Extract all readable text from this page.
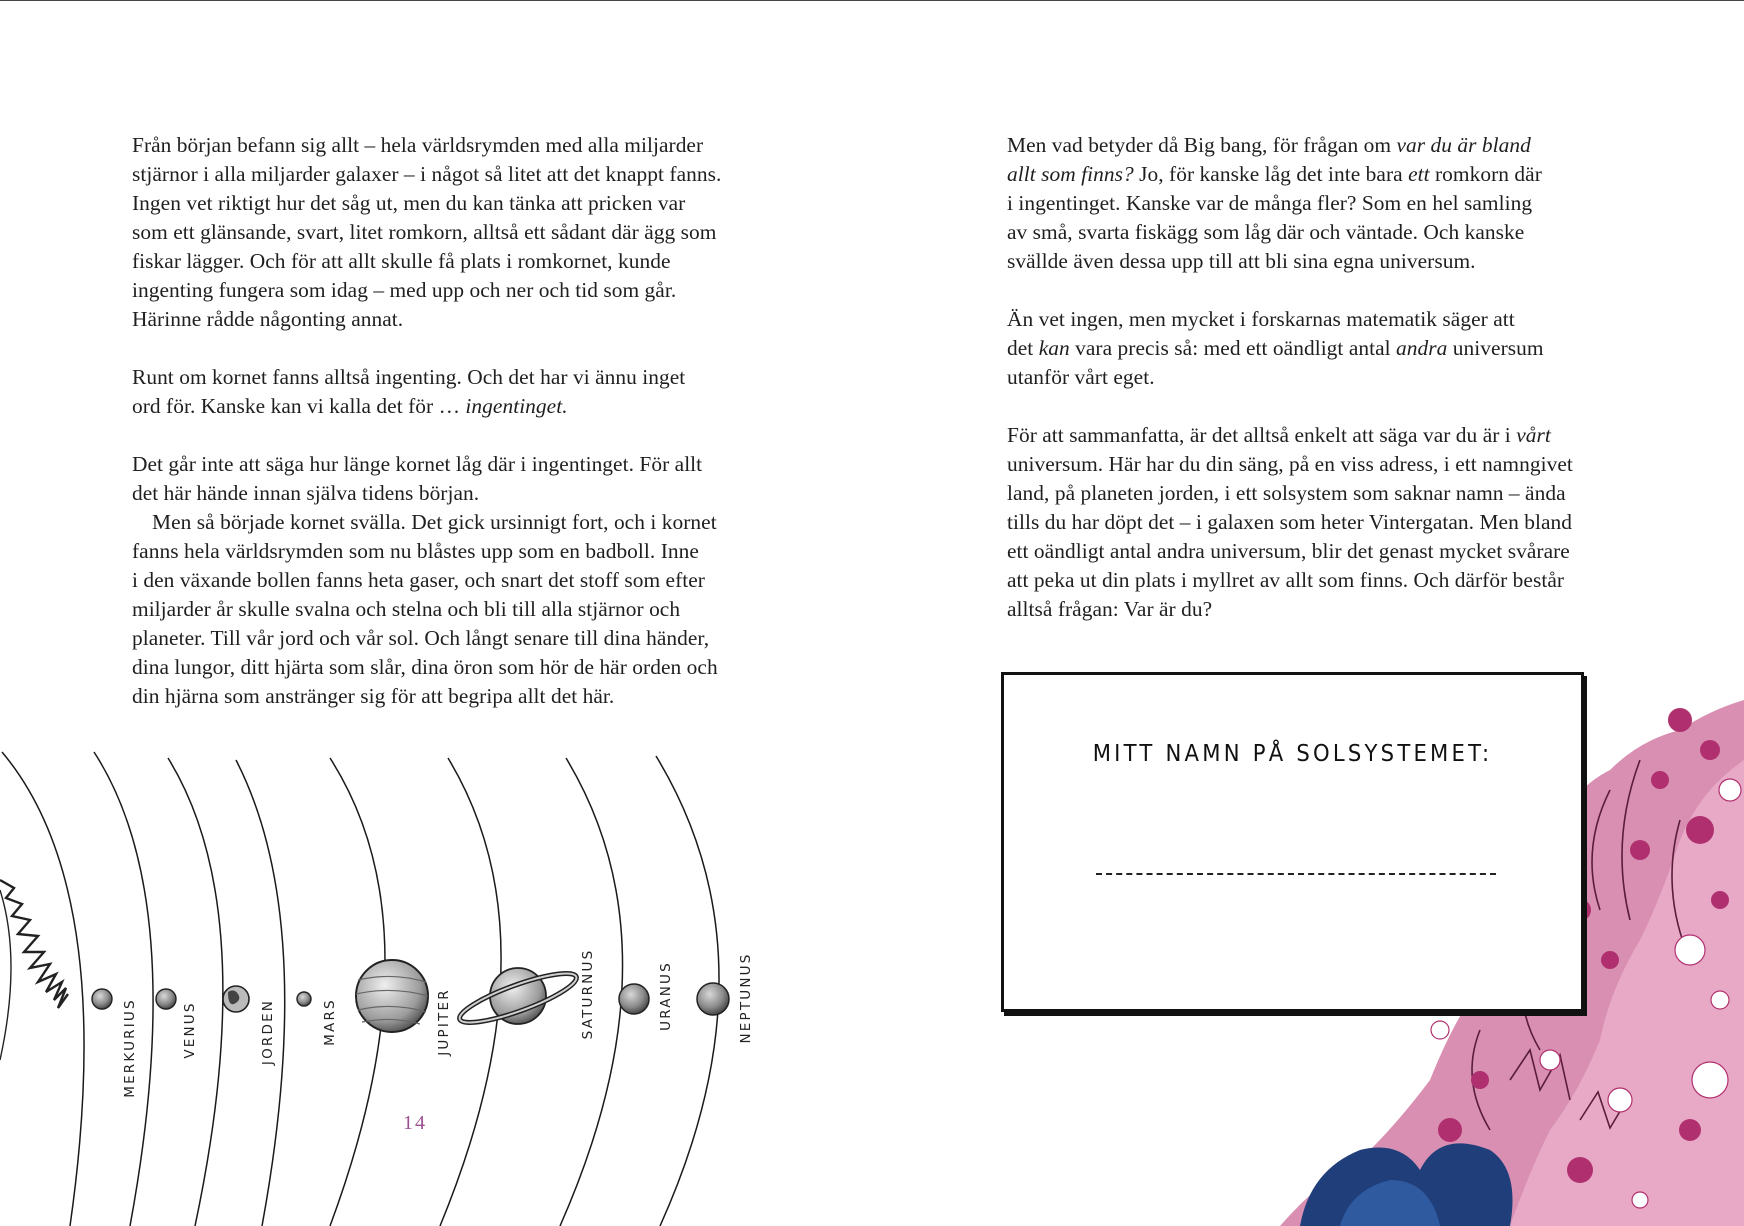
Från början befann sig allt – hela världsrymden med alla miljarder

stjärnor i alla miljarder galaxer – i något så litet att det knappt fanns.

Ingen vet riktigt hur det såg ut, men du kan tänka att pricken var

som ett glänsande, svart, litet romkorn, alltså ett sådant där ägg som

fiskar lägger. Och för att allt skulle få plats i romkornet, kunde

ingenting fungera som idag – med upp och ner och tid som går.

Härinne rådde någonting annat.

Runt om kornet fanns alltså ingenting. Och det har vi ännu inget

ord för. Kanske kan vi kalla det för … ingentinget.

Det går inte att säga hur länge kornet låg där i ingentinget. För allt

det här hände innan själva tidens början.

Men så började kornet svälla. Det gick ursinnigt fort, och i kornet

fanns hela världsrymden som nu blåstes upp som en badboll. Inne

i den växande bollen fanns heta gaser, och snart det stoff som efter

miljarder år skulle svalna och stelna och bli till alla stjärnor och

planeter. Till vår jord och vår sol. Och långt senare till dina händer,

dina lungor, ditt hjärta som slår, dina öron som hör de här orden och

din hjärna som anstränger sig för att begripa allt det här.

MERKURIUS	VENUS	JORDEN	MARS	JUPITER	SATURNUS	URANUS	NEPTUNUS
14

Men vad betyder då Big bang, för frågan om var du är bland

allt som finns? Jo, för kanske låg det inte bara ett romkorn där

i ingentinget. Kanske var de många fler? Som en hel samling

av små, svarta fiskägg som låg där och väntade. Och kanske

svällde även dessa upp till att bli sina egna universum.

Än vet ingen, men mycket i forskarnas matematik säger att

det kan vara precis så: med ett oändligt antal andra universum

utanför vårt eget.

För att sammanfatta, är det alltså enkelt att säga var du är i vårt

universum. Här har du din säng, på en viss adress, i ett namngivet

land, på planeten jorden, i ett solsystem som saknar namn – ända

tills du har döpt det – i galaxen som heter Vintergatan. Men bland

ett oändligt antal andra universum, blir det genast mycket svårare

att peka ut din plats i myllret av allt som finns. Och därför består

alltså frågan: Var är du?

MITT NAMN PÅ SOLSYSTEMET:
